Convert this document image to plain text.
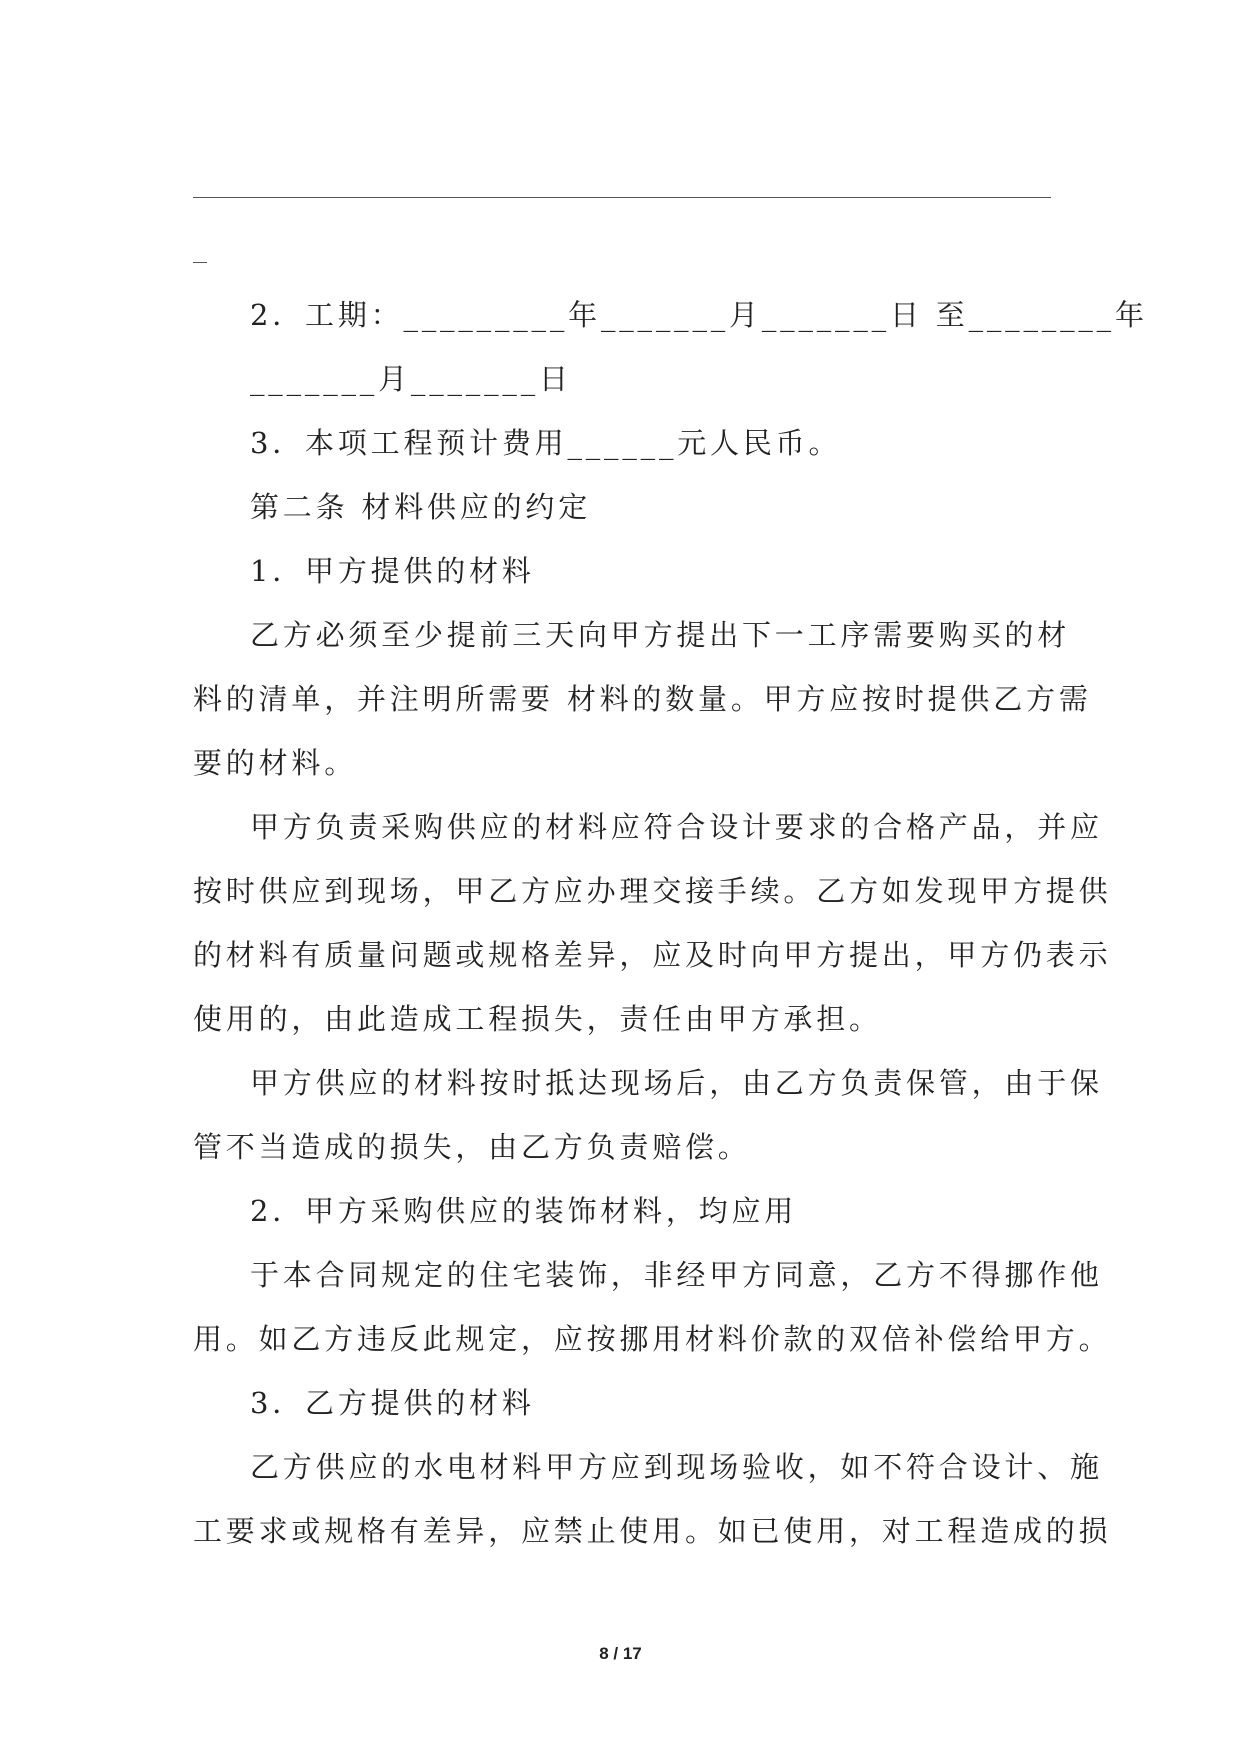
2．工期：_________年_______月_______日 至________年
_______月_______日
3．本项工程预计费用______元人民币。
第二条 材料供应的约定
1．甲方提供的材料
乙方必须至少提前三天向甲方提出下一工序需要购买的材
料的清单，并注明所需要 材料的数量。甲方应按时提供乙方需
要的材料。
甲方负责采购供应的材料应符合设计要求的合格产品，并应
按时供应到现场，甲乙方应办理交接手续。乙方如发现甲方提供
的材料有质量问题或规格差异，应及时向甲方提出，甲方仍表示
使用的，由此造成工程损失，责任由甲方承担。
甲方供应的材料按时抵达现场后，由乙方负责保管，由于保
管不当造成的损失，由乙方负责赔偿。
2．甲方采购供应的装饰材料，均应用
于本合同规定的住宅装饰，非经甲方同意，乙方不得挪作他
用。如乙方违反此规定，应按挪用材料价款的双倍补偿给甲方。
3．乙方提供的材料
乙方供应的水电材料甲方应到现场验收，如不符合设计、施
工要求或规格有差异，应禁止使用。如已使用，对工程造成的损
8 / 17
